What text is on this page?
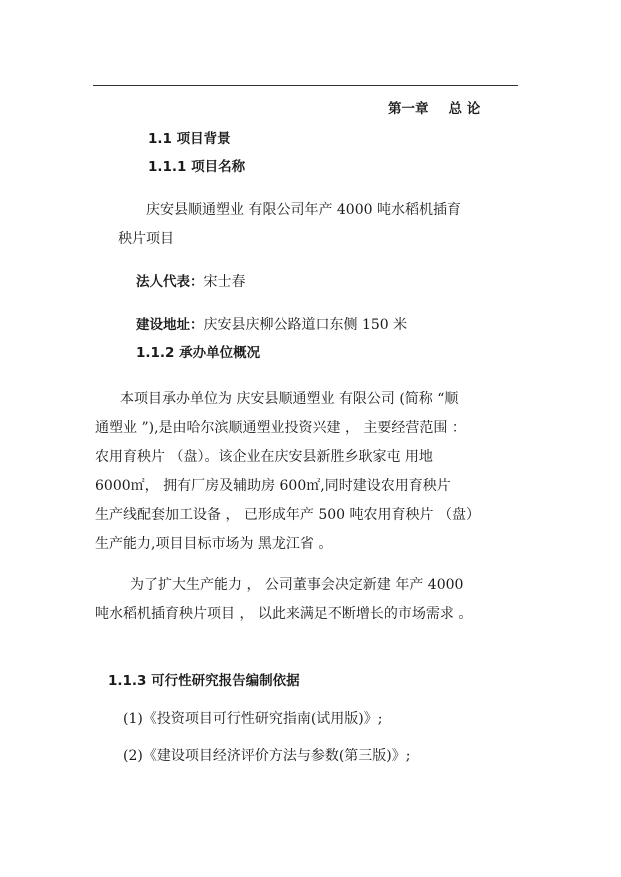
第一章 总 论
1.1 项目背景
1.1.1 项目名称
庆安县顺通塑业 有限公司年产 4000 吨水稻机插育
秧片项目
法人代表：宋士春
建设地址：庆安县庆柳公路道口东侧 150 米
1.1.2 承办单位概况
本项目承办单位为 庆安县顺通塑业 有限公司 (简称 “顺
通塑业 ”),是由哈尔滨顺通塑业投资兴建 ， 主要经营范围 ：
农用育秧片 （盘）。该企业在庆安县新胜乡耿家屯 用地
6000㎡， 拥有厂房及辅助房 600㎡,同时建设农用育秧片
生产线配套加工设备 ， 已形成年产 500 吨农用育秧片 （盘）
生产能力,项目目标市场为 黑龙江省 。
为了扩大生产能力 ， 公司董事会决定新建 年产 4000
吨水稻机插育秧片项目 ， 以此来满足不断增长的市场需求 。
1.1.3 可行性研究报告编制依据
(1)《投资项目可行性研究指南(试用版)》;
(2)《建设项目经济评价方法与参数(第三版)》;
